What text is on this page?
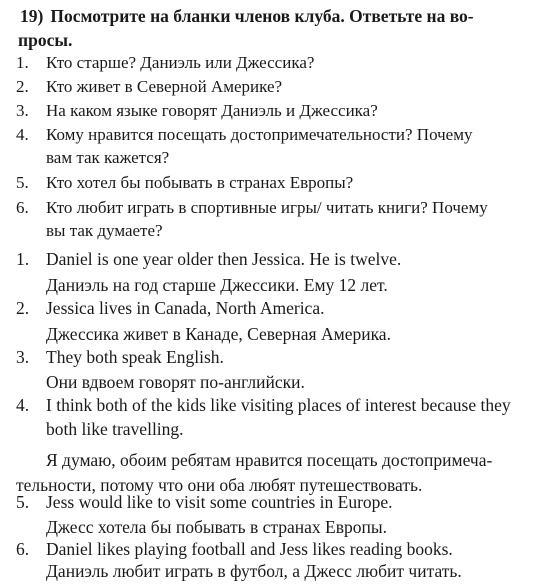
19) Посмотрите на бланки членов клуба. Ответьте на во-
просы.
1. Кто старше? Даниэль или Джессика?
2. Кто живет в Северной Америке?
3. На каком языке говорят Даниэль и Джессика?
4. Кому нравится посещать достопримечательности? Почему
вам так кажется?
5. Кто хотел бы побывать в странах Европы?
6. Кто любит играть в спортивные игры/ читать книги? Почему
вы так думаете?
1. Daniel is one year older then Jessica. He is twelve.
Даниэль на год старше Джессики. Ему 12 лет.
2. Jessica lives in Canada, North America.
Джессика живет в Канаде, Северная Америка.
3. They both speak English.
Они вдвоем говорят по-английски.
4. I think both of the kids like visiting places of interest because they
both like travelling.
Я думаю, обоим ребятам нравится посещать достопримеча-
тельности, потому что они оба любят путешествовать.
5. Jess would like to visit some countries in Europe.
Джесс хотела бы побывать в странах Европы.
6. Daniel likes playing football and Jess likes reading books.
Даниэль любит играть в футбол, а Джесс любит читать.
